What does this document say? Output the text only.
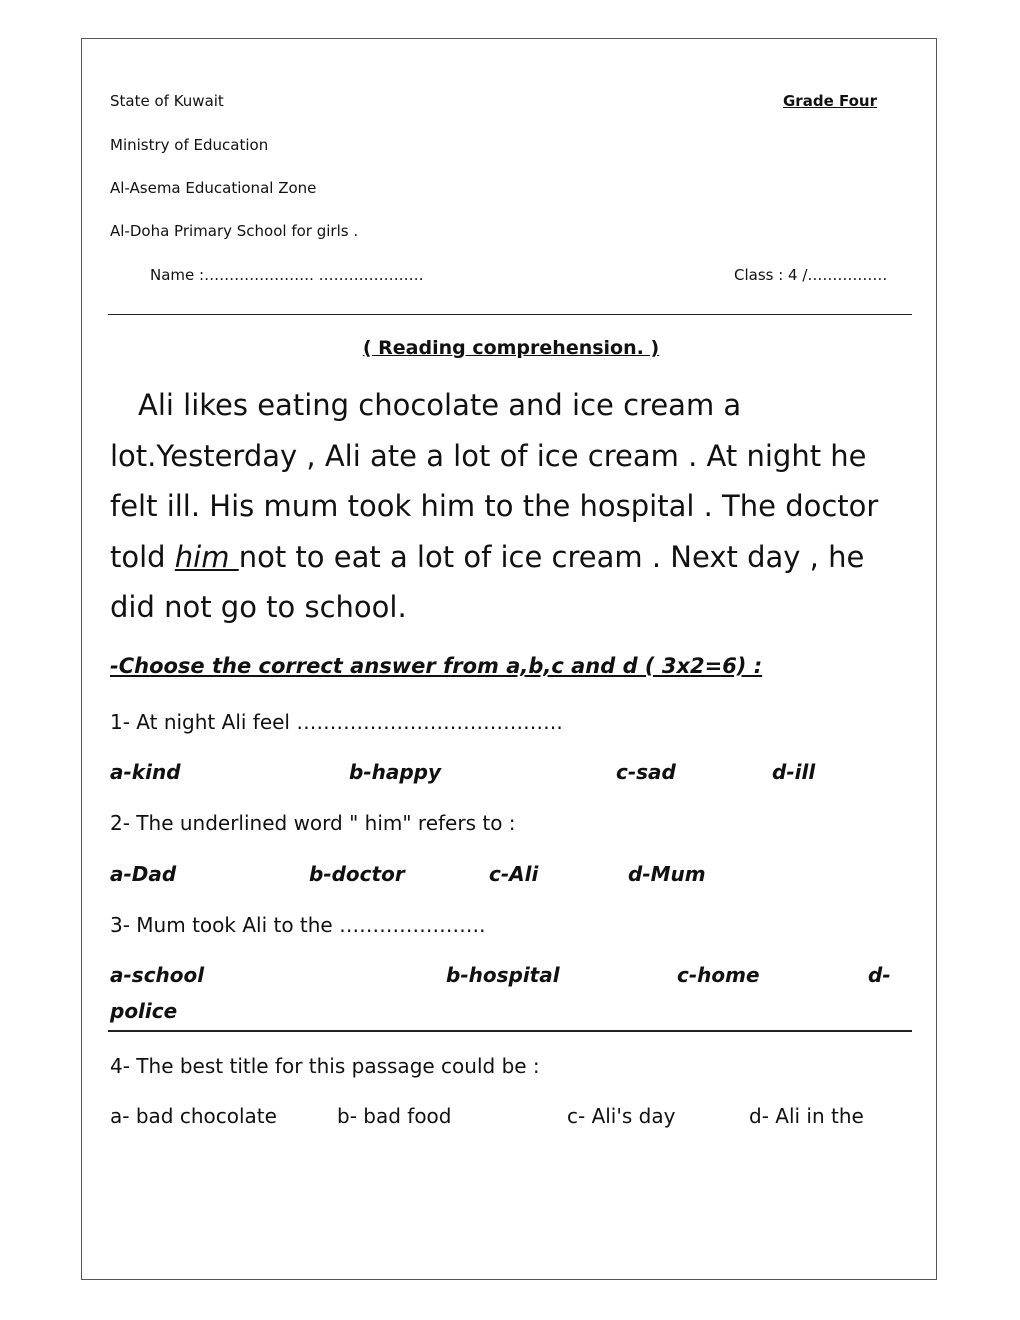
State of Kuwait	Grade Four
Ministry of Education
Al-Asema Educational Zone
Al-Doha Primary School for girls .
Name :…………………. …………………	Class : 4 /…………….
( Reading comprehension. )

Ali likes eating chocolate and ice cream a lot.Yesterday , Ali ate a lot of ice cream . At night he felt ill. His mum took him to the hospital . The doctor told him not to eat a lot of ice cream . Next day , he did not go to school.

-Choose the correct answer from a,b,c and d ( 3x2=6) :
1- At night Ali feel ………………………………….
a-kind	b-happy	c-sad	d-ill
2- The underlined word " him" refers to :
a-Dad	b-doctor	c-Ali	d-Mum
3- Mum took Ali to the ………………….
a-school	b-hospital	c-home	d-
police
4- The best title for this passage could be :
a- bad chocolate	b- bad food	c- Ali's day	d- Ali in the
